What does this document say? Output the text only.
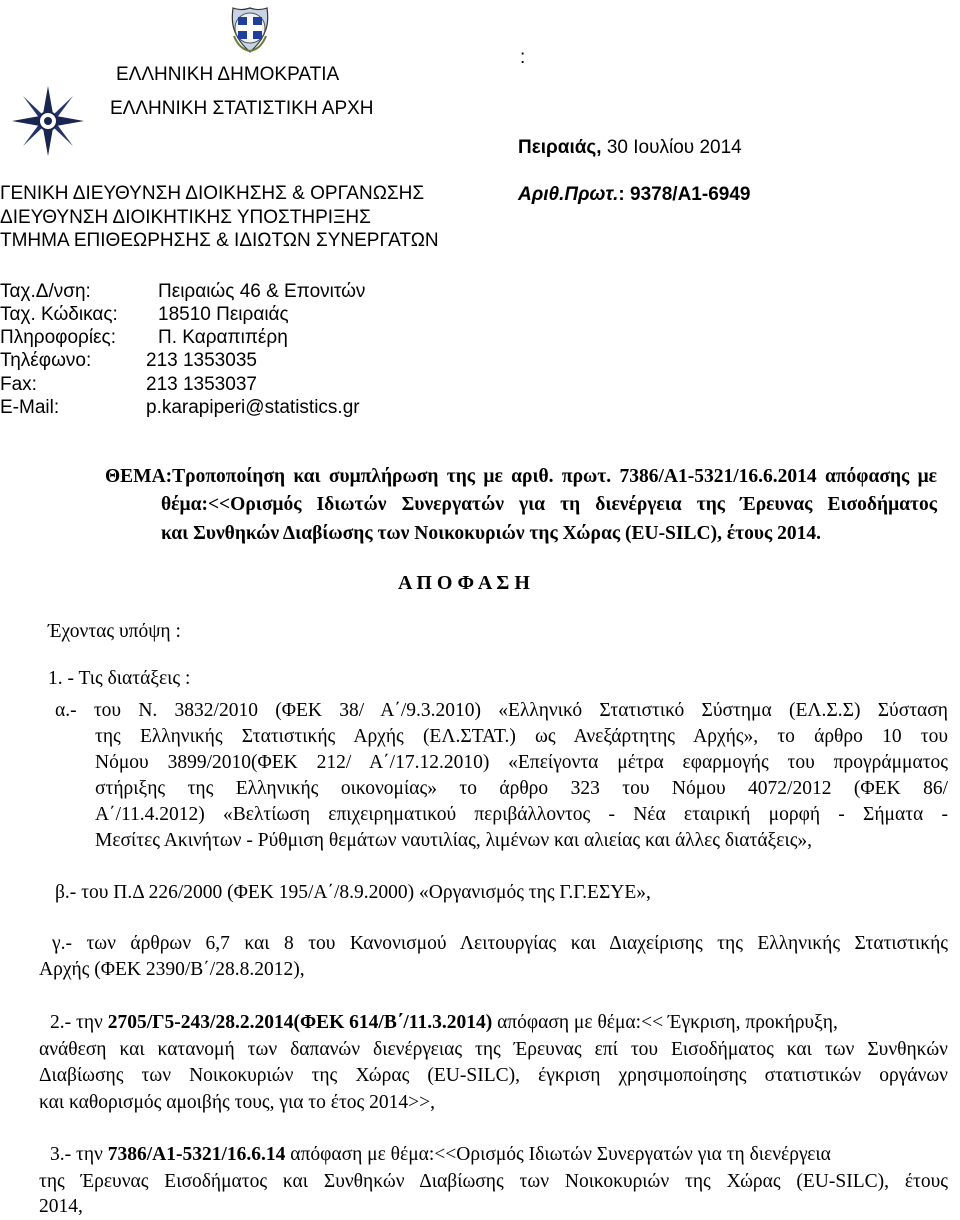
ΕΛΛΗΝΙΚΗ ΔΗΜΟΚΡΑΤΙΑ
ΕΛΛΗΝΙΚΗ ΣΤΑΤΙΣΤΙΚΗ ΑΡΧΗ
ΓΕΝΙΚΗ ΔΙΕΥΘΥΝΣΗ ΔΙΟΙΚΗΣΗΣ & ΟΡΓΑΝΩΣΗΣ
ΔΙΕΥΘΥΝΣΗ ΔΙΟΙΚΗΤΙΚΗΣ ΥΠΟΣΤΗΡΙΞΗΣ
ΤΜΗΜΑ ΕΠΙΘΕΩΡΗΣΗΣ & ΙΔΙΩΤΩΝ ΣΥΝΕΡΓΑΤΩΝ
:
Πειραιάς, 30 Ιουλίου 2014
Αριθ.Πρωτ.: 9378/Α1-6949
Ταχ.Δ/νση:	Πειραιώς 46 & Επονιτών
Ταχ. Κώδικας: 18510 Πειραιάς
Πληροφορίες: Π. Καραπιπέρη
Τηλέφωνο:	213 1353035
Fax:	213 1353037
E-Mail:	p.karapiperi@statistics.gr
ΘΕΜΑ:Τροποποίηση και συμπλήρωση της με αριθ. πρωτ. 7386/Α1-5321/16.6.2014 απόφασης με
θέμα:<<Ορισμός Ιδιωτών Συνεργατών για τη διενέργεια της Έρευνας Εισοδήματος
και Συνθηκών Διαβίωσης των Νοικοκυριών της Χώρας (EU-SILC), έτους 2014.
Α Π Ο Φ Α Σ Η
Έχοντας υπόψη :
1. - Τις διατάξεις :
α.- του Ν. 3832/2010 (ΦΕΚ 38/ Α΄/9.3.2010) «Ελληνικό Στατιστικό Σύστημα (ΕΛ.Σ.Σ) Σύσταση
της Ελληνικής Στατιστικής Αρχής (ΕΛ.ΣΤΑΤ.) ως Ανεξάρτητης Αρχής», το άρθρο 10 του
Νόμου 3899/2010(ΦΕΚ 212/ Α΄/17.12.2010) «Επείγοντα μέτρα εφαρμογής του προγράμματος
στήριξης της Ελληνικής οικονομίας» το άρθρο 323 του Νόμου 4072/2012 (ΦΕΚ 86/
Α΄/11.4.2012) «Βελτίωση επιχειρηματικού περιβάλλοντος - Νέα εταιρική μορφή - Σήματα -
Μεσίτες Ακινήτων - Ρύθμιση θεμάτων ναυτιλίας, λιμένων και αλιείας και άλλες διατάξεις»,
β.- του Π.Δ 226/2000 (ΦΕΚ 195/Α΄/8.9.2000) «Οργανισμός της Γ.Γ.ΕΣΥΕ»,
γ.- των άρθρων 6,7 και 8 του Κανονισμού Λειτουργίας και Διαχείρισης της Ελληνικής Στατιστικής
Αρχής (ΦΕΚ 2390/Β΄/28.8.2012),
2.- την 2705/Γ5-243/28.2.2014(ΦΕΚ 614/Β΄/11.3.2014) απόφαση με θέμα:<< Έγκριση, προκήρυξη,
ανάθεση και κατανομή των δαπανών διενέργειας της Έρευνας επί του Εισοδήματος και των Συνθηκών
Διαβίωσης των Νοικοκυριών της Χώρας (EU-SILC), έγκριση χρησιμοποίησης στατιστικών οργάνων
και καθορισμός αμοιβής τους, για το έτος 2014>>,
3.- την 7386/Α1-5321/16.6.14 απόφαση με θέμα:<<Ορισμός Ιδιωτών Συνεργατών για τη διενέργεια
της Έρευνας Εισοδήματος και Συνθηκών Διαβίωσης των Νοικοκυριών της Χώρας (EU-SILC), έτους
2014,
